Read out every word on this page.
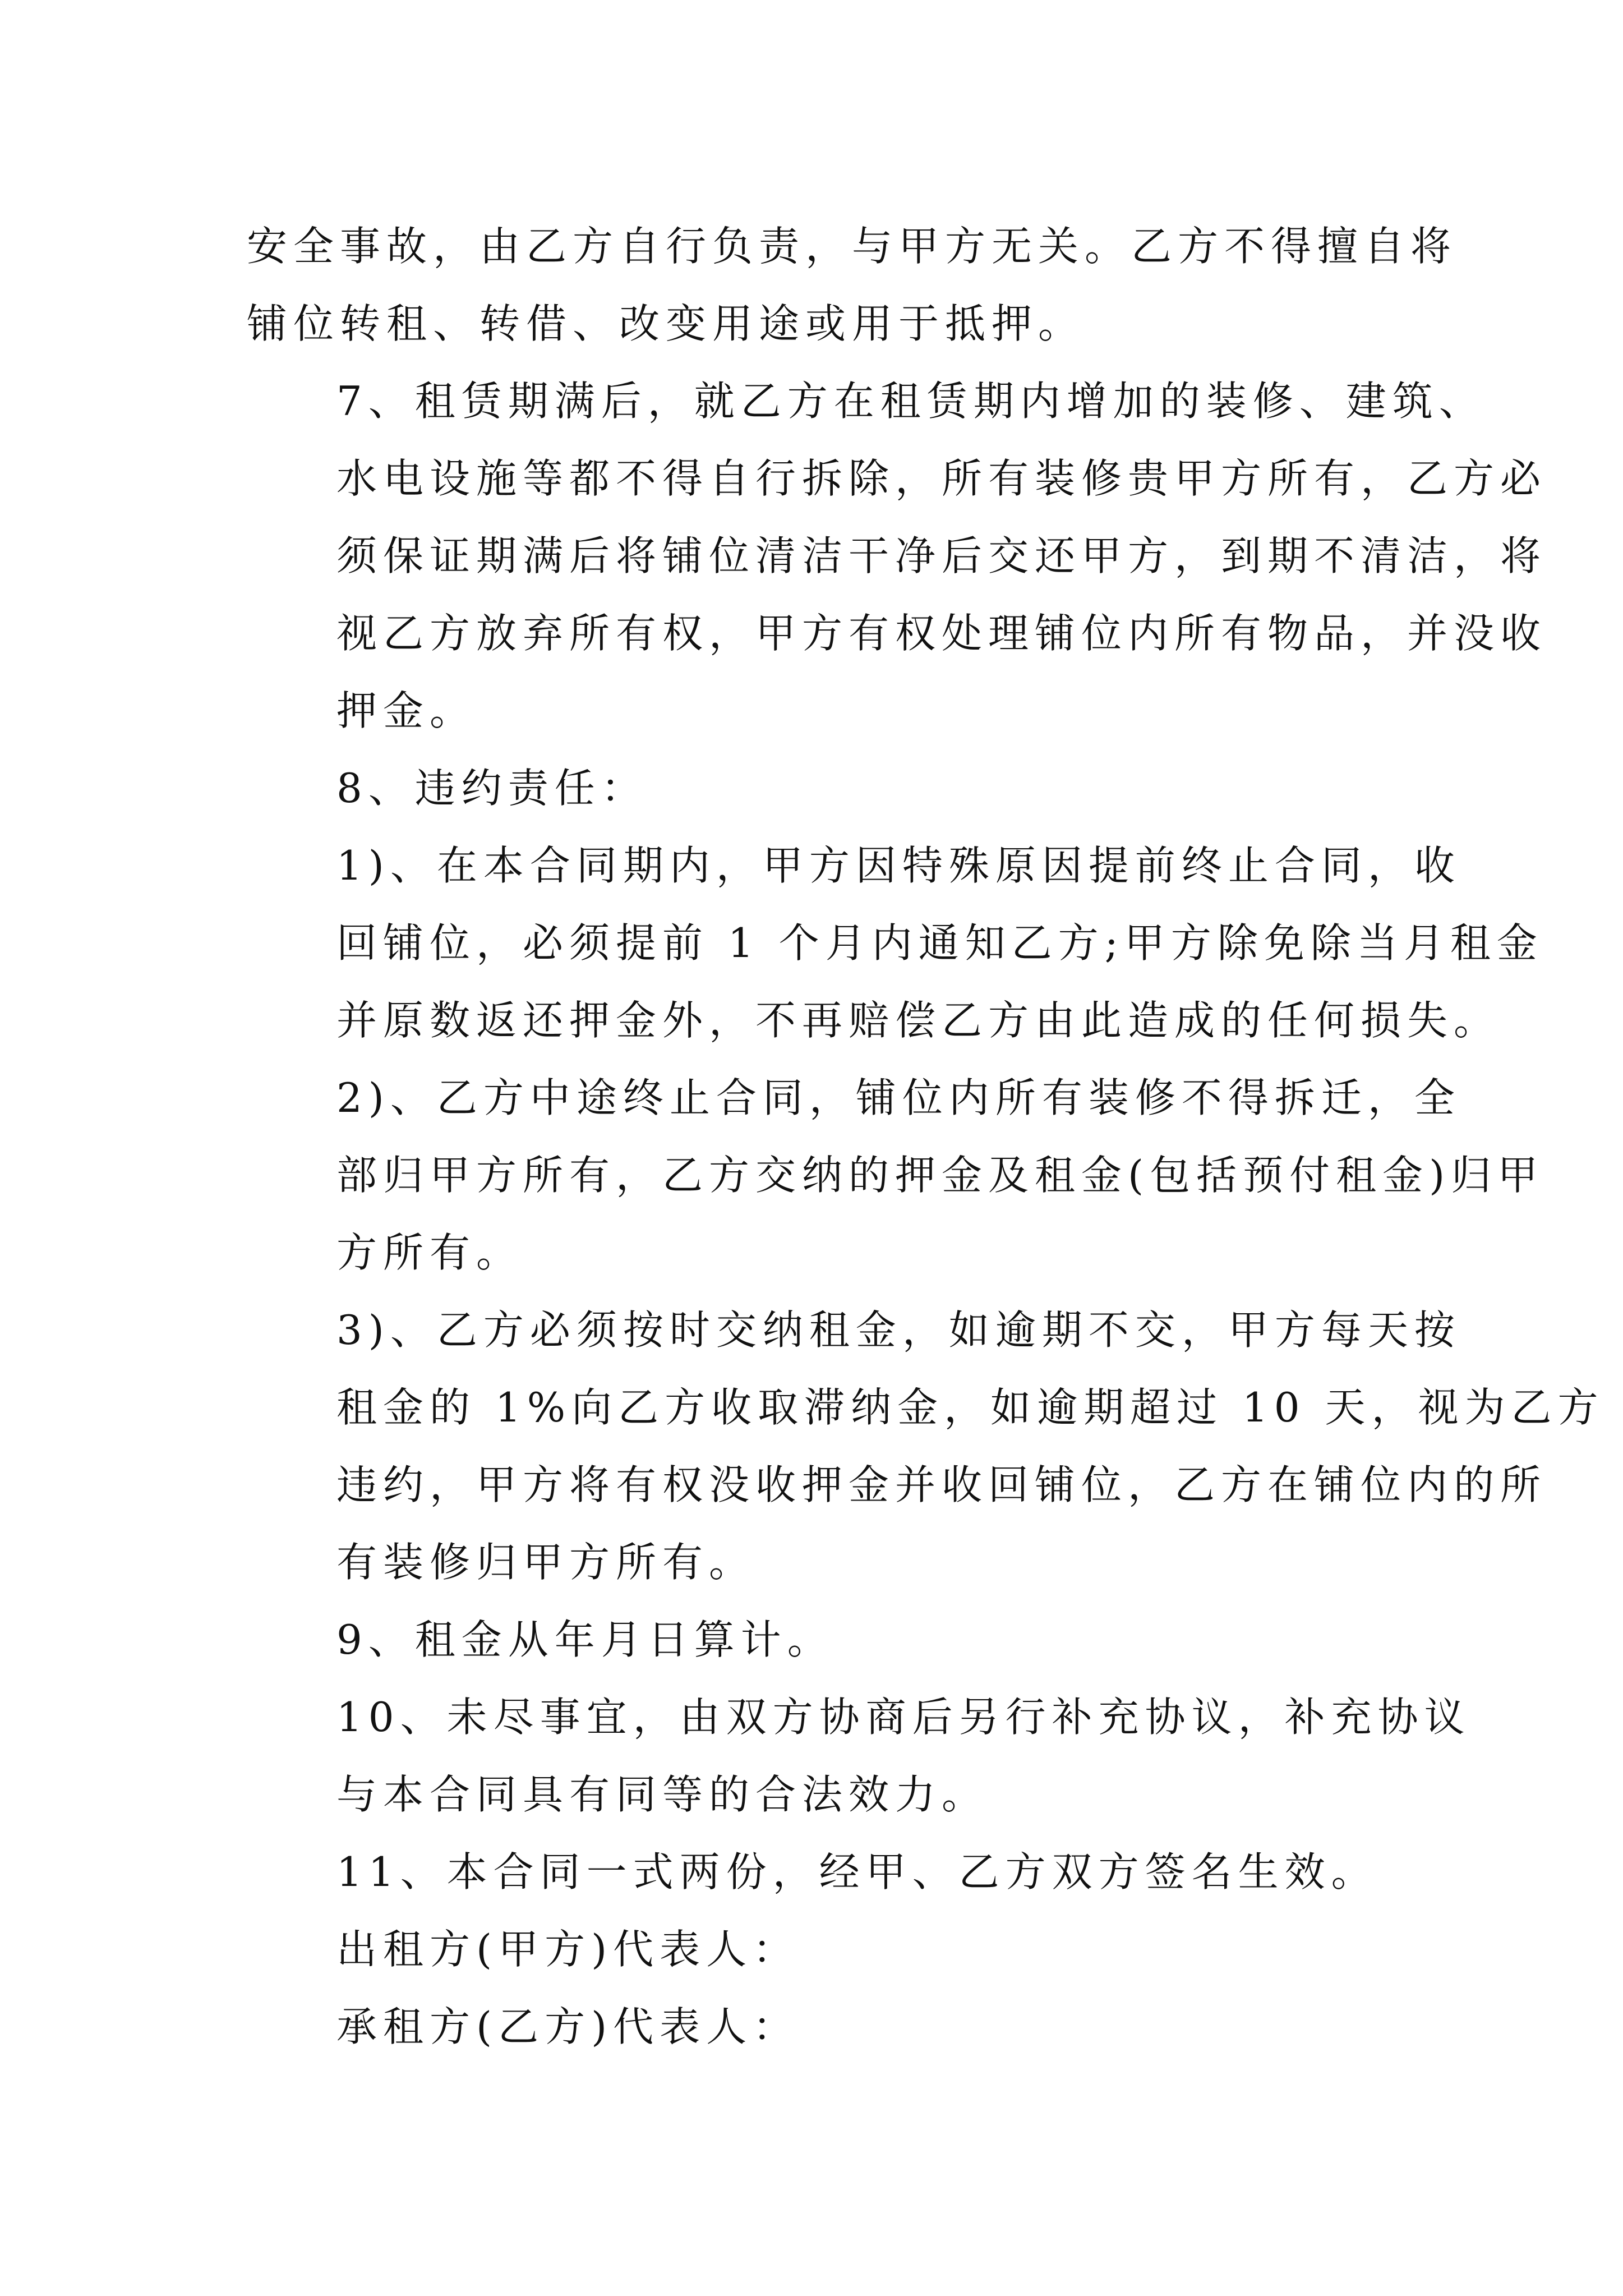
安全事故，由乙方自行负责，与甲方无关。乙方不得擅自将
铺位转租、转借、改变用途或用于抵押。

7、租赁期满后，就乙方在租赁期内增加的装修、建筑、
水电设施等都不得自行拆除，所有装修贵甲方所有，乙方必
须保证期满后将铺位清洁干净后交还甲方，到期不清洁，将
视乙方放弃所有权，甲方有权处理铺位内所有物品，并没收
押金。

8、违约责任：

1)、在本合同期内，甲方因特殊原因提前终止合同，收
回铺位，必须提前 1 个月内通知乙方;甲方除免除当月租金
并原数返还押金外，不再赔偿乙方由此造成的任何损失。

2)、乙方中途终止合同，铺位内所有装修不得拆迁，全
部归甲方所有，乙方交纳的押金及租金(包括预付租金)归甲
方所有。

3)、乙方必须按时交纳租金，如逾期不交，甲方每天按
租金的 1%向乙方收取滞纳金，如逾期超过 10 天，视为乙方
违约，甲方将有权没收押金并收回铺位，乙方在铺位内的所
有装修归甲方所有。

9、租金从年月日算计。

10、未尽事宜，由双方协商后另行补充协议，补充协议
与本合同具有同等的合法效力。

11、本合同一式两份，经甲、乙方双方签名生效。

出租方(甲方)代表人：

承租方(乙方)代表人：
